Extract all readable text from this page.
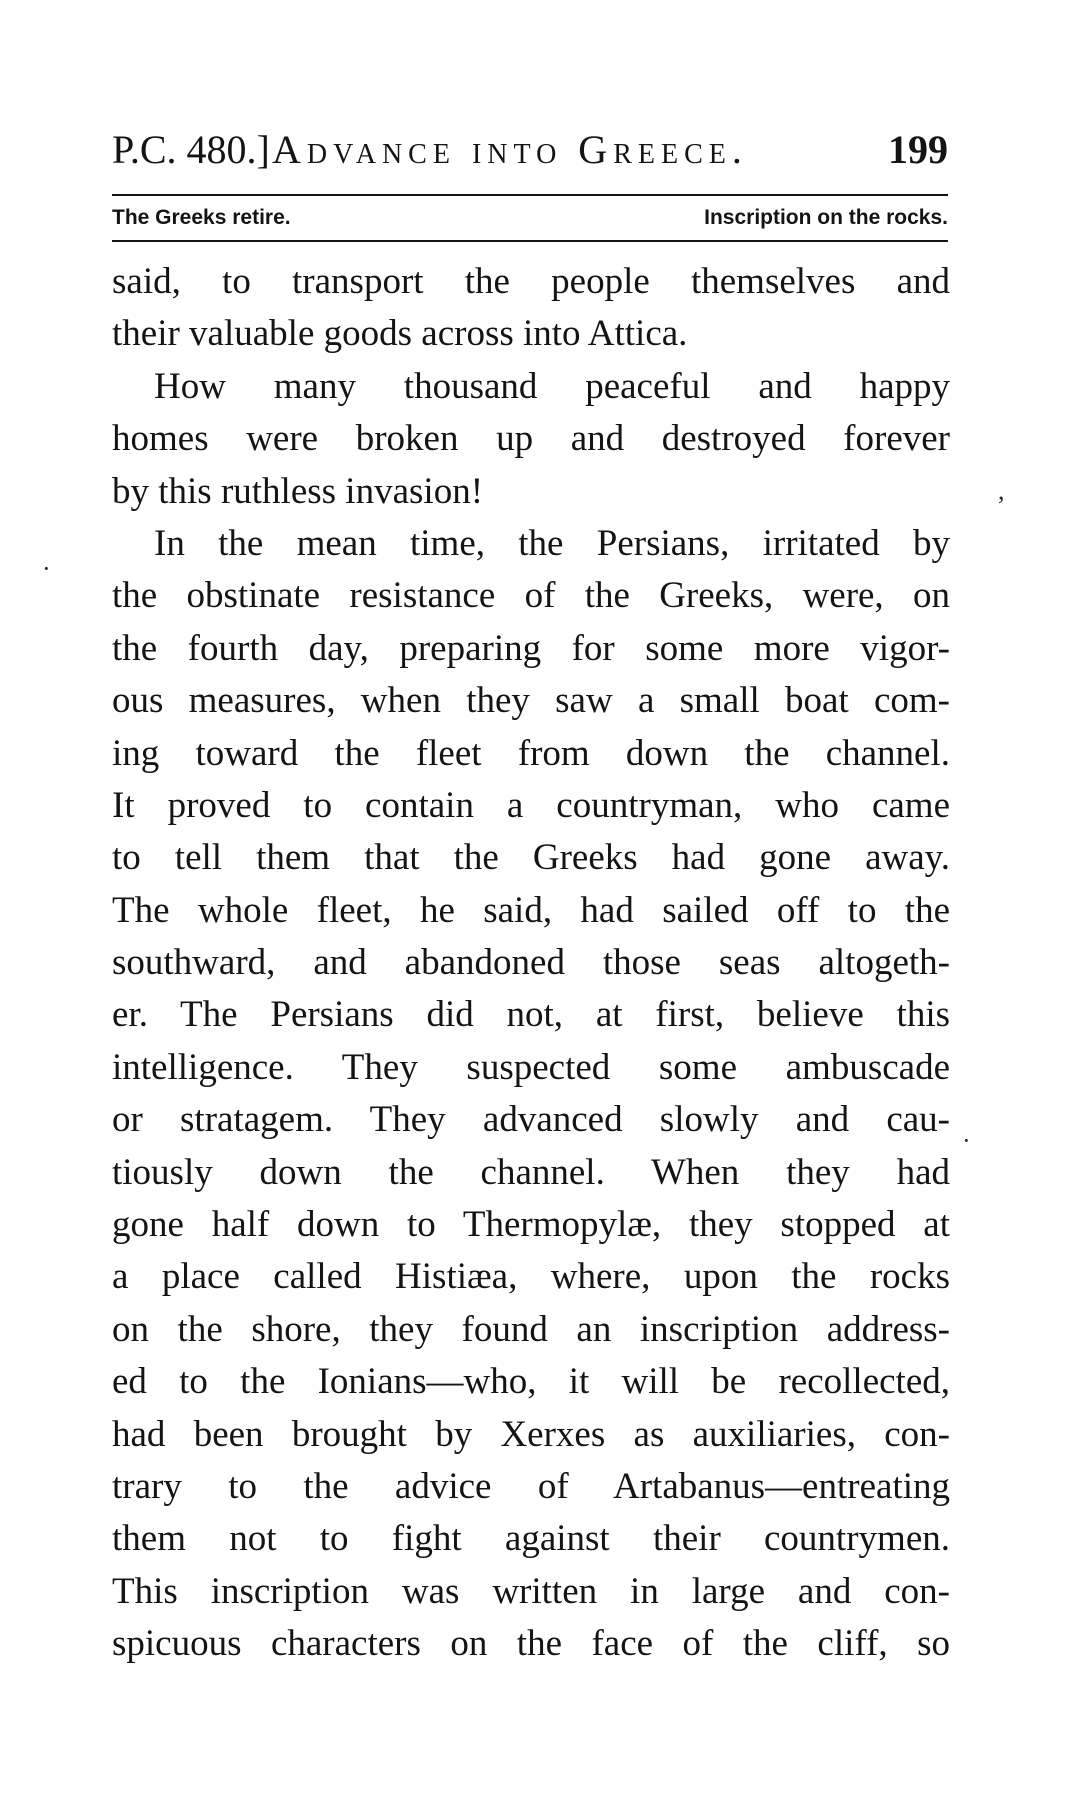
P.C. 480.] Advance into Greece.	199
The Greeks retire.	Inscription on the rocks.
said, to transport the people themselves and
their valuable goods across into Attica.
How many thousand peaceful and happy
homes were broken up and destroyed forever
by this ruthless invasion!
In the mean time, the Persians, irritated by
the obstinate resistance of the Greeks, were, on
the fourth day, preparing for some more vigor-
ous measures, when they saw a small boat com-
ing toward the fleet from down the channel.
It proved to contain a countryman, who came
to tell them that the Greeks had gone away.
The whole fleet, he said, had sailed off to the
southward, and abandoned those seas altogeth-
er. The Persians did not, at first, believe this
intelligence. They suspected some ambuscade
or stratagem. They advanced slowly and cau-
tiously down the channel. When they had
gone half down to Thermopylæ, they stopped at
a place called Histiæa, where, upon the rocks
on the shore, they found an inscription address-
ed to the Ionians—who, it will be recollected,
had been brought by Xerxes as auxiliaries, con-
trary to the advice of Artabanus—entreating
them not to fight against their countrymen.
This inscription was written in large and con-
spicuous characters on the face of the cliff, so
,
·
·
